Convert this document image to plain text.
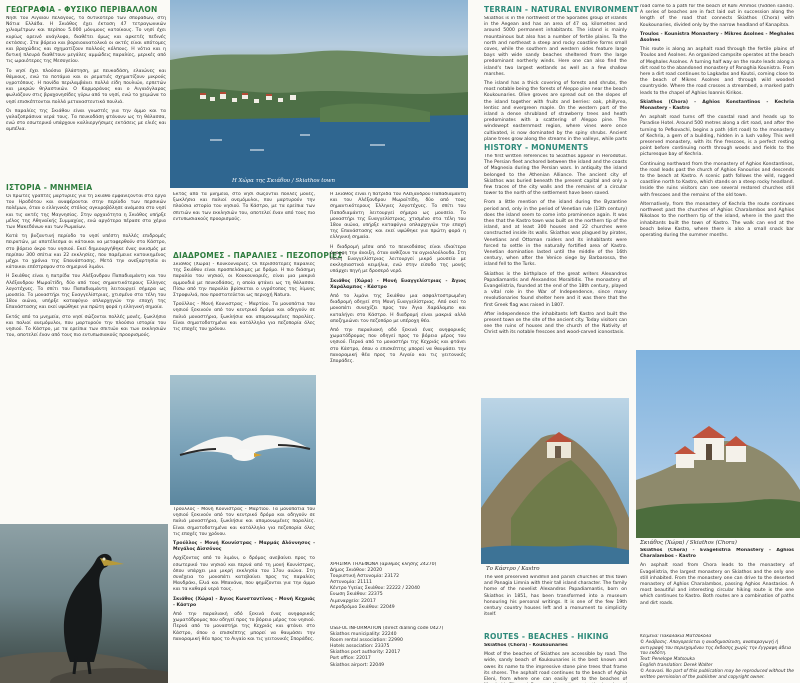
ΓΕΩΓΡΑΦΙΑ - ΦΥΣΙΚΟ ΠΕΡΙΒΑΛΛΟΝ

Νησί του Αιγαίου πελάγους, το δυτικότερο των σποράδων, στη Νότια Ελλάδα. Η Σκιάθος έχει έκταση 47 τετραγωνικών χιλιομέτρων και περίπου 5.000 μόνιμους κατοίκους. Το νησί έχει κυρίως ορεινό ανάγλυφο, διαθέτει όμως και αρκετές πεδινές εκτάσεις. Στα βόρεια και βορειοανατολικά οι ακτές είναι απότομες και βραχώδεις και σχηματίζουν πολλούς κόλπους. Η νότια και η δυτική πλευρά διαθέτουν μεγάλες αμμώδεις παραλίες, μερικές από τις ωραιότερες της Μεσογείου.

Το νησί έχει πλούσια βλάστηση, με πευκοδάση, ελαιώνες και θάμνους, ενώ τα ποτάμια και οι ρεματιές σχηματίζουν μικρούς υγροτόπους. Η πανίδα περιλαμβάνει πολλά είδη πουλιών, ερπετών και μικρών θηλαστικών. Ο Κορμοράνος και ο Αιγαιόγλαρος φωλιάζουν στις βραχονησίδες γύρω από το νησί, ενώ το χειμώνα το νησί επισκέπτονται πολλά μεταναστευτικά πουλιά.

Οι παραλίες της Σκιάθου είναι γνωστές για την άμμο και τα γαλαζοπράσινα νερά τους. Τα πευκοδάση φτάνουν ως τη θάλασσα, ενώ στο εσωτερικό υπάρχουν καλλιεργήσιμες εκτάσεις με ελιές και αμπέλια.

ΙΣΤΟΡΙΑ - ΜΝΗΜΕΙΑ

Οι πρώτες γραπτές μαρτυρίες για τη Σκιάθο εμφανίζονται στα έργα του Ηροδότου και αναφέρονται στην περίοδο των περσικών πολέμων, όταν ο ελληνικός στόλος αγκυροβόλησε ανάμεσα στο νησί και τις ακτές της Μαγνησίας. Στην αρχαιότητα η Σκιάθος υπήρξε μέλος της Αθηναϊκής Συμμαχίας, ενώ αργότερα πέρασε στα χέρια των Μακεδόνων και των Ρωμαίων.

Κατά τη βυζαντινή περίοδο το νησί υπέστη πολλές επιδρομές πειρατών, με αποτέλεσμα οι κάτοικοι να μεταφερθούν στο Κάστρο, στο βόρειο άκρο του νησιού. Εκεί δημιουργήθηκε ένας οικισμός με περίπου 300 σπίτια και 22 εκκλησίες, που παρέμεινε κατοικημένος μέχρι τα χρόνια της Επανάστασης. Μετά την ανεξαρτησία οι κάτοικοι επέστρεψαν στο σημερινό λιμάνι.

Η Σκιάθος είναι η πατρίδα του Αλέξανδρου Παπαδιαμάντη και του Αλέξανδρου Μωραϊτίδη, δύο από τους σημαντικότερους Έλληνες λογοτέχνες. Το σπίτι του Παπαδιαμάντη λειτουργεί σήμερα ως μουσείο. Το μοναστήρι της Ευαγγελίστριας, χτισμένο στα τέλη του 18ου αιώνα, υπήρξε καταφύγιο οπλαρχηγών την εποχή της Επανάστασης και εκεί υψώθηκε για πρώτη φορά η ελληνική σημαία.

Εκτός από τα μνημεία, στο νησί σώζονται πολλές μονές, ξωκλήσια και παλιοί ανεμόμυλοι, που μαρτυρούν την πλούσια ιστορία του νησιού. Το Κάστρο, με τα ερείπια των σπιτιών και των εκκλησιών του, αποτελεί έναν από τους πιο εντυπωσιακούς προορισμούς.

Η Χώρα της Σκιάθου / Skiathos town

Εκτός από τα μνημεία, στο νησί σώζονται πολλές μονές, ξωκλήσια και παλιοί ανεμόμυλοι, που μαρτυρούν την πλούσια ιστορία του νησιού. Το Κάστρο, με τα ερείπια των σπιτιών και των εκκλησιών του, αποτελεί έναν από τους πιο εντυπωσιακούς προορισμούς.

ΔΙΑΔΡΟΜΕΣ - ΠΑΡΑΛΙΕΣ - ΠΕΖΟΠΟΡΙΕΣ

Σκιάθος (Χώρα) - Κουκουναριές. Οι περισσότερες παραλίες της Σκιάθου είναι προσπελάσιμες με δρόμο. Η πιο διάσημη παραλία του νησιού, οι Κουκουναριές, είναι μια μακριά αμμουδιά με πευκοδάσος, η οποία φτάνει ως τη θάλασσα. Πίσω από την παραλία βρίσκεται ο υγρότοπος της λίμνης Στροφυλιά, που προστατεύεται ως περιοχή Natura.

Τρούλλος - Μονή Κουνιστρας - Μαρτίου. Τα μονοπάτια του νησιού ξεκινούν από τον κεντρικό δρόμο και οδηγούν σε παλιά μοναστήρια, ξωκλήσια και απομονωμένες παραλίες. Είναι σηματοδοτημένα και κατάλληλα για πεζοπορία όλες τις εποχές του χρόνου.

Τρούλλος - Μονή Κουνιστρας - Μαρτίου. Τα μονοπάτια του νησιού ξεκινούν από τον κεντρικό δρόμο και οδηγούν σε παλιά μοναστήρια, ξωκλήσια και απομονωμένες παραλίες. Είναι σηματοδοτημένα και κατάλληλα για πεζοπορία όλες τις εποχές του χρόνου.

Τρούλλος - Μονή Κουνίστρας - Μαρμάς Αλόννησος - Μεγάλος Αϊσσόνος

Αρχίζοντας από το λιμάνι, ο δρόμος ανεβαίνει προς το εσωτερικό του νησιού και περνά από τη μονή Κουνίστρας, όπου υπάρχει μια μικρή εκκλησία του 17ου αιώνα. Στη συνέχεια το μονοπάτι κατεβαίνει προς τις παραλίες Μανδράκι, Ελιά και Μπανάνα, που φημίζονται για την άμμο και τα καθαρά νερά τους.

Σκιάθος (Χώρα) - Άγιος Κωνσταντίνος - Μονή Κεχριάς - Κάστρο

Από την παραλιακή οδό ξεκινά ένας ανηφορικός χωματόδρομος που οδηγεί προς το βόρειο μέρος του νησιού. Περνά από το μοναστήρι της Κεχριάς και φτάνει στο Κάστρο, όπου ο επισκέπτης μπορεί να θαυμάσει την πανοραμική θέα προς το Αιγαίο και τις γειτονικές Σποράδες.

Η Σκιάθος είναι η πατρίδα του Αλέξανδρου Παπαδιαμάντη και του Αλέξανδρου Μωραϊτίδη, δύο από τους σημαντικότερους Έλληνες λογοτέχνες. Το σπίτι του Παπαδιαμάντη λειτουργεί σήμερα ως μουσείο. Το μοναστήρι της Ευαγγελίστριας, χτισμένο στα τέλη του 18ου αιώνα, υπήρξε καταφύγιο οπλαρχηγών την εποχή της Επανάστασης και εκεί υψώθηκε για πρώτη φορά η ελληνική σημαία.

Η διαδρομή μέσα από το πευκοδάσος είναι ιδιαίτερα όμορφη την άνοιξη, όταν ανθίζουν τα αγριολούλουδα. Στη Μονή Ευαγγελίστριας λειτουργεί μικρό μουσείο με εκκλησιαστικά κειμήλια, ενώ στην είσοδο της μονής υπάρχει πηγή με δροσερό νερό.

Σκιάθος (Χώρα) - Μονή Ευαγγελίστριας - Άγιος Χαράλαμπος - Κάστρο

Από το λιμάνι της Σκιάθου μια ασφαλτοστρωμένη διαδρομή οδηγεί στη Μονή Ευαγγελίστριας. Από εκεί το μονοπάτι συνεχίζει προς τον Άγιο Χαράλαμπο και καταλήγει στο Κάστρο. Η διαδρομή είναι μακριά αλλά αποζημιώνει τον πεζοπόρο με υπέροχη θέα.

Από την παραλιακή οδό ξεκινά ένας ανηφορικός χωματόδρομος που οδηγεί προς το βόρειο μέρος του νησιού. Περνά από το μοναστήρι της Κεχριάς και φτάνει στο Κάστρο, όπου ο επισκέπτης μπορεί να θαυμάσει την πανοραμική θέα προς το Αιγαίο και τις γειτονικές Σποράδες.

ΧΡΗΣΙΜΑ ΤΗΛΕΦΩΝΑ (αριθμός κλήσης 24270)
Δήμος Σκιάθου: 22020
Τουριστική Αστυνομία: 23172
Αστυνομία: 21111
Κέντρο Υγείας Σκιάθου: 22222 / 22040
Ενωση Σκιάθου: 22375
Λιμεναρχείο: 22017
Αεροδρόμιο Σκιάθου: 22049
USEFUL INFORMATION (direct dialling code 0427)
Skiathos municipality: 22240
Room rental association: 22990
Hotels association: 23375
Skiathos port authority: 22017
Port office: 22017
Skiathos airport: 22049
TERRAIN - NATURAL ENVIRONMENT

Skiathos is in the northwest of the Sporades group of islands in the Aegean and has an area of 47 sq. kilometres and around 5000 permanent inhabitants. The island is mainly mountainous but also has a number of fertile plains. To the north and northeast a steep and rocky coastline forms small coves, while the southern and western sides feature large bays with wide sandy beaches sheltered from the large predominant northerly winds. Here one can also find the island's two largest wetlands as well as a few shallow marshes.

The island has a thick covering of forests and shrubs, the most notable being the forests of Aleppo pine near the beach Koukounaries. Olive groves are spread out on the slopes of the island together with fruits and berries: oak, phillyrea, lentisc and evergreen maple. On the western part of the island a dense shrubland of strawberry trees and heath predominates with a scattering of Aleppo pine. The windswept easternmost region, where vines were once cultivated, is now dominated by the spiny shrubs. Ancient plane trees grow along the streams in the valleys, while parts

HISTORY - MONUMENTS

The first written references to Skiathos appear in Herodotus. The Persian fleet anchored between the island and the coasts of Magnesia during the Persian wars. In antiquity the island belonged to the Athenian Alliance. The ancient city of Skiathos was buried beneath the present capital and only a few traces of the city walls and the remains of a circular tower to the north of the settlement have been saved.

From a little mention of the island during the Byzantine period and, only in the period of Venetian rule (13th century) does the island seem to come into prominence again. It was then that the Kastro town was built on the northern tip of the island, and at least 300 houses and 22 churches were constructed inside its walls. Skiathos was plagued by pirates, Venetians and Ottoman raiders and its inhabitants were forced to settle in the naturally fortified area of Kastro. Venetian domination lasted until the middle of the 16th century, when after the Venice siege by Barbarossa, the island fell to the Turks.

Skiathos is the birthplace of the great writers Alexandros Papadiamantis and Alexandros Moraitidis. The monastery of Evangelistria, founded at the end of the 18th century, played a vital role in the War of Independence, since many revolutionaries found shelter here and it was there that the first Greek flag was raised in 1807.

After independence the inhabitants left Kastro and built the present town on the site of the ancient city. Today visitors can see the ruins of houses and the church of the Nativity of Christ with its notable frescoes and wood-carved iconostasis.

Το Κάστρο / Kastro

The well preserved windmill and parish churches of this town and Panagia Limnia with their tall island character. The family home of the novelist Alexandros Papadiamantis, born on Skiathos in 1851, has been transformed into a museum honouring his personal writings. It is one of the few 19th century country houses left and a monument to simplicity itself.

ROUTES - BEACHES - HIKING

Skiathos (Chora) - Koukounaries

Most of the beaches of Skiathos are accessible by road. The wide, sandy beach of Koukounaries is the best known and owes its name to the impressive stone pine trees that frame its shores. The asphalt road continues to the beach of Aghia Eleni, from where one can easily get to the beaches of

road come to a path for the beach of Kohi Ammos (hidden sands). A series of beaches are in fact laid out in succession along the length of the road that connects Skiathos (Chora) with Koukounaries, divided only by the narrow headland of Kanapitsa.

Troulos - Kounistra Monastery - Mikres Asolnes - Meghales Asolnes

This route is along an asphalt road through the fertile plains of Troulos and Asolnes. An organized campsite operates at the beach of Meghales Asolnes. A turning half way on the route leads along a dirt road to the abandoned monastery of Panaghia Kounistra. From here a dirt road continues to Lagkadas and Koutsi, coming close to the beach of Mikres Asolnes and through wild wooded countryside. Where the road crosses a streambed, a marked path leads to the chapel of Aghios Ioannis Kirikos.

Skiathos (Chora) - Aghios Konstantinos - Kechria Monastery - Kastro

An asphalt road turns off the coastal road and heads up to Paradise Hotel. Around 500 metres along a dirt road, and after the turning to Pefkovachi, begins a path (dirt road) to the monastery of Kechria, a gem of a building, hidden in a lush valley. This well preserved monastery, with its fine frescoes, is a perfect resting point before continuing north through woods and fields to the picturesque bay of Kechria.

Continuing northward from the monastery of Aghios Konstantinos, the road leads past the church of Aghios Fanourios and descends to the beach at Kastro. A scenic path follows the wild, rugged coastline north to Kastro, which stands on a steep rocky headland. Inside the ruins visitors can see several restored churches still with frescoes and the remains of the old town.

Alternatively, from the monastery of Kechria the route continues northwest past the churches of Aghios Charalambos and Aghios Nikolaos to the northern tip of the island, where in the past the inhabitants built the town of Kastro. The walk can end at the beach below Kastro, where there is also a small snack bar operating during the summer months.

Σκιάθος (Χώρα) / Skiathos (Chora)

Skiathos (Chora) - Evagelistria Monastery - Aghios Charalambos - Kastro

An asphalt road from Chora leads to the monastery of Evagelistria, the largest monastery on Skiathos and the only one still inhabited. From the monastery one can drive to the deserted monastery of Aghios Charalambos, passing Aghios Anastasios. A most beautiful and interesting circular hiking route is the one which continues to Kastro. Both routes are a combination of paths and dirt roads.

Κείμενα: Πακαλάκια Ματσοκόλα
© Ανάβασις. Απαγορεύεται η αναδημοσίευση, αναπαραγωγή ή αντιγραφή του περιεχομένου της έκδοσης χωρίς την έγγραφη άδεια του εκδότη.
Text: Penelope Matsouka
English translation: Derek Walter
© Anavasi. No part of this publication may be reproduced without the written permission of the publisher and copyright owner.
